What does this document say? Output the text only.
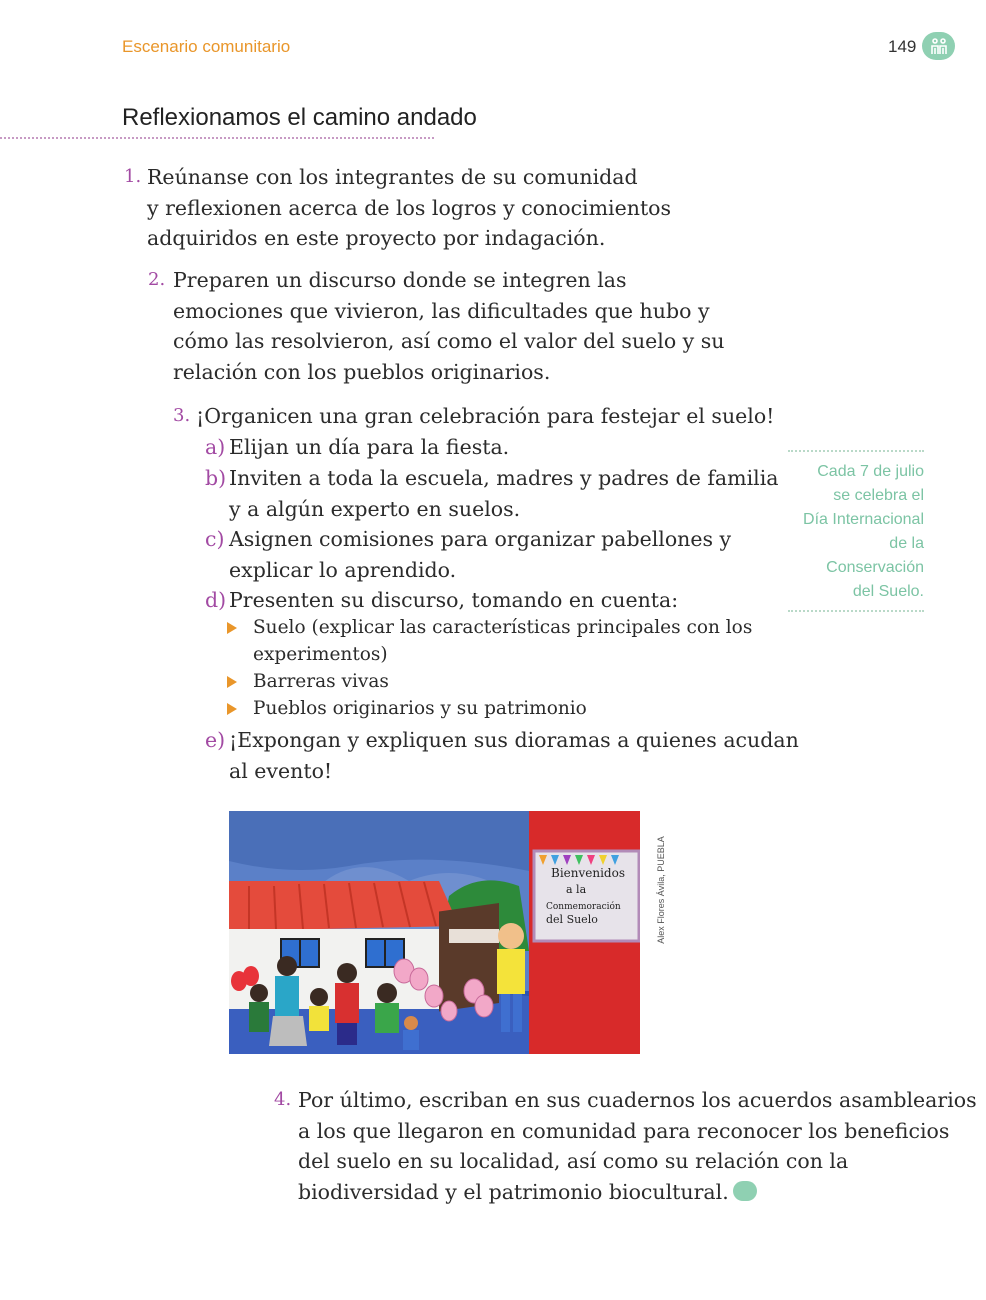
Escenario comunitario	149
Reflexionamos el camino andado
1. Reúnanse con los integrantes de su comunidad

y reflexionen acerca de los logros y conocimientos

adquiridos en este proyecto por indagación.

2. Preparen un discurso donde se integren las

emociones que vivieron, las dificultades que hubo y

cómo las resolvieron, así como el valor del suelo y su

relación con los pueblos originarios.

3. ¡Organicen una gran celebración para festejar el suelo!

a) Elijan un día para la fiesta.

b) Inviten a toda la escuela, madres y padres de familia

y a algún experto en suelos.

c) Asignen comisiones para organizar pabellones y

explicar lo aprendido.

d) Presenten su discurso, tomando en cuenta:

Suelo (explicar las características principales con los

experimentos)

Barreras vivas

Pueblos originarios y su patrimonio

e) ¡Expongan y expliquen sus dioramas a quienes acudan

al evento!

Cada 7 de julio

se celebra el

Día Internacional

de la Conservación

del Suelo.

Bienvenidos
a la
Conmemoración
del Suelo	Alex Flores Ávila, PUEBLA
4. Por último, escriban en sus cuadernos los acuerdos asamblearios

a los que llegaron en comunidad para reconocer los beneficios

del suelo en su localidad, así como su relación con la

biodiversidad y el patrimonio biocultural.
